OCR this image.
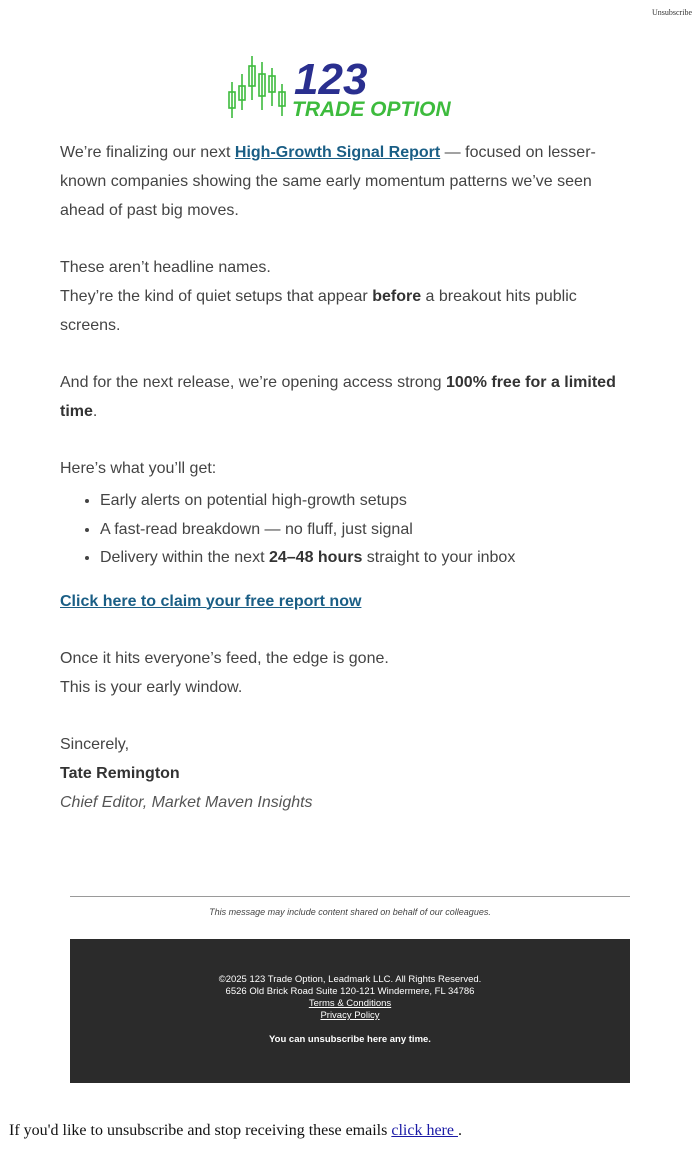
Unsubscribe
123
TRADE OPTION

We’re finalizing our next High-Growth Signal Report — focused on lesser-known companies showing the same early momentum patterns we’ve seen ahead of past big moves.

These aren’t headline names.

They’re the kind of quiet setups that appear before a breakout hits public screens.

And for the next release, we’re opening access strong 100% free for a limited time.

Here’s what you’ll get:

• Early alerts on potential high-growth setups
• A fast-read breakdown — no fluff, just signal
• Delivery within the next 24–48 hours straight to your inbox

Click here to claim your free report now

Once it hits everyone’s feed, the edge is gone.

This is your early window.

Sincerely,

Tate Remington

Chief Editor, Market Maven Insights

This message may include content shared on behalf of our colleagues.
©2025 123 Trade Option, Leadmark LLC. All Rights Reserved.
6526 Old Brick Road Suite 120-121 Windermere, FL 34786
Terms & Conditions
Privacy Policy
You can unsubscribe here any time.
If you'd like to unsubscribe and stop receiving these emails click here .
